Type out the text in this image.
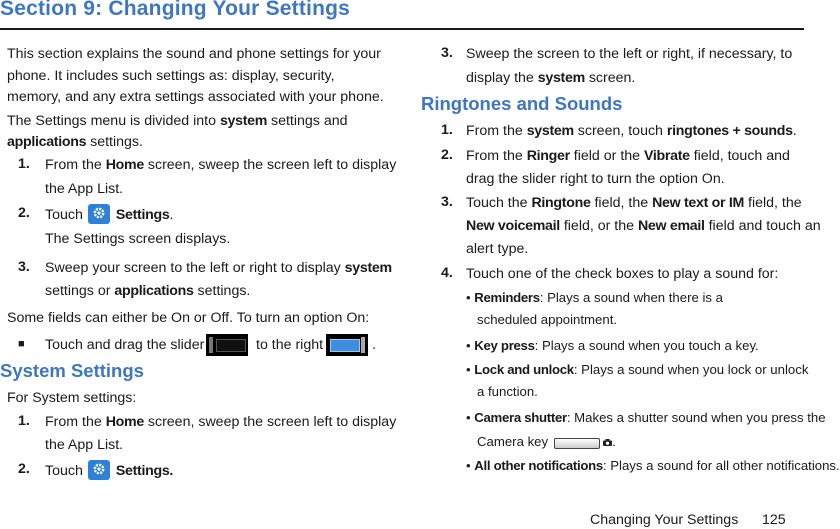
Section 9: Changing Your Settings
This section explains the sound and phone settings for your
phone. It includes such settings as: display, security,
memory, and any extra settings associated with your phone.
The Settings menu is divided into system settings and
applications settings.
1. From the Home screen, sweep the screen left to display
the App List.
2. Touch Settings.
The Settings screen displays.
3. Sweep your screen to the left or right to display system
settings or applications settings.
Some fields can either be On or Off. To turn an option On:
■ Touch and drag the slider	to the right	.
System Settings
For System settings:
1. From the Home screen, sweep the screen left to display
the App List.
2. Touch Settings.
3. Sweep the screen to the left or right, if necessary, to
display the system screen.
Ringtones and Sounds
1. From the system screen, touch ringtones + sounds.
2. From the Ringer field or the Vibrate field, touch and
drag the slider right to turn the option On.
3. Touch the Ringtone field, the New text or IM field, the
New voicemail field, or the New email field and touch an
alert type.
4. Touch one of the check boxes to play a sound for:
• Reminders: Plays a sound when there is a
scheduled appointment.
• Key press: Plays a sound when you touch a key.
• Lock and unlock: Plays a sound when you lock or unlock
a function.
• Camera shutter: Makes a shutter sound when you press the
Camera key	.
• All other notifications: Plays a sound for all other notifications.
Changing Your Settings 125
